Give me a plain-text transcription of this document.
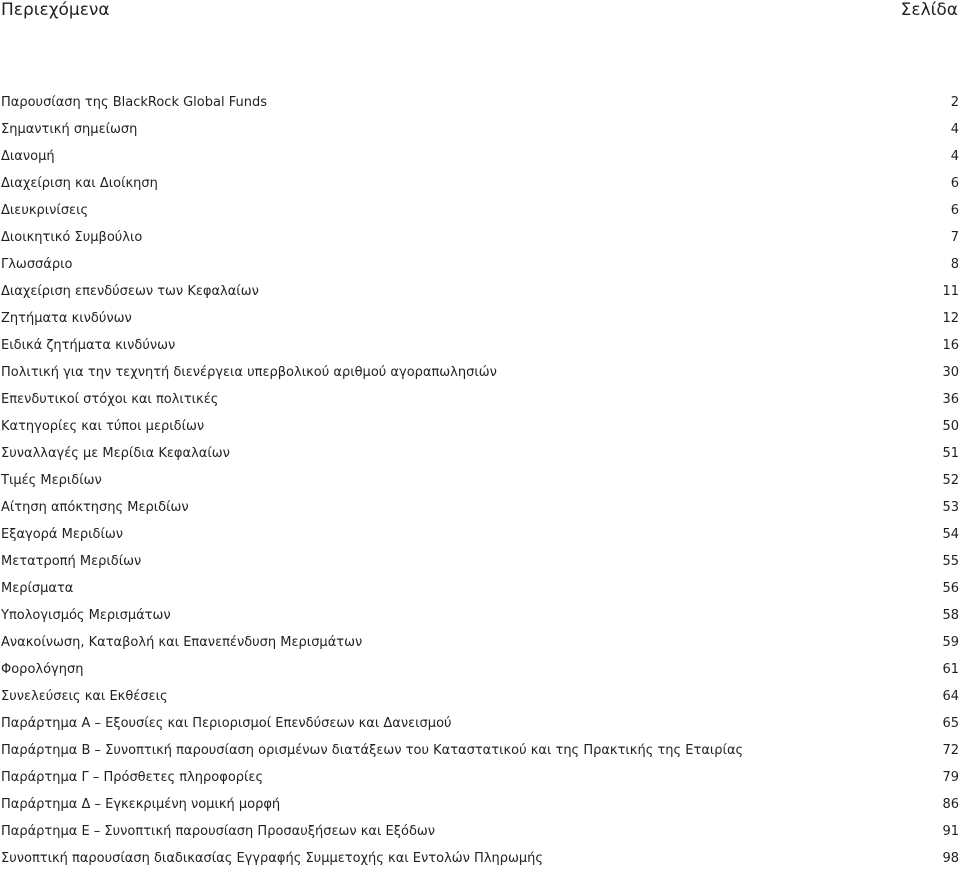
Περιεχόμενα	Σελίδα
Παρουσίαση της BlackRock Global Funds	2
Σημαντική σημείωση	4
Διανομή	4
Διαχείριση και Διοίκηση	6
Διευκρινίσεις	6
Διοικητικό Συμβούλιο	7
Γλωσσάριο	8
Διαχείριση επενδύσεων των Κεφαλαίων	11
Ζητήματα κινδύνων	12
Ειδικά ζητήματα κινδύνων	16
Πολιτική για την τεχνητή διενέργεια υπερβολικού αριθμού αγοραπωλησιών	30
Επενδυτικοί στόχοι και πολιτικές	36
Κατηγορίες και τύποι μεριδίων	50
Συναλλαγές με Μερίδια Κεφαλαίων	51
Τιμές Μεριδίων	52
Αίτηση απόκτησης Μεριδίων	53
Εξαγορά Μεριδίων	54
Μετατροπή Μεριδίων	55
Μερίσματα	56
Υπολογισμός Μερισμάτων	58
Ανακοίνωση, Καταβολή και Επανεπένδυση Μερισμάτων	59
Φορολόγηση	61
Συνελεύσεις και Εκθέσεις	64
Παράρτημα Α – Εξουσίες και Περιορισμοί Επενδύσεων και Δανεισμού	65
Παράρτημα Β – Συνοπτική παρουσίαση ορισμένων διατάξεων του Καταστατικού και της Πρακτικής της Εταιρίας	72
Παράρτημα Γ – Πρόσθετες πληροφορίες	79
Παράρτημα Δ – Εγκεκριμένη νομική μορφή	86
Παράρτημα Ε – Συνοπτική παρουσίαση Προσαυξήσεων και Εξόδων	91
Συνοπτική παρουσίαση διαδικασίας Εγγραφής Συμμετοχής και Εντολών Πληρωμής	98
